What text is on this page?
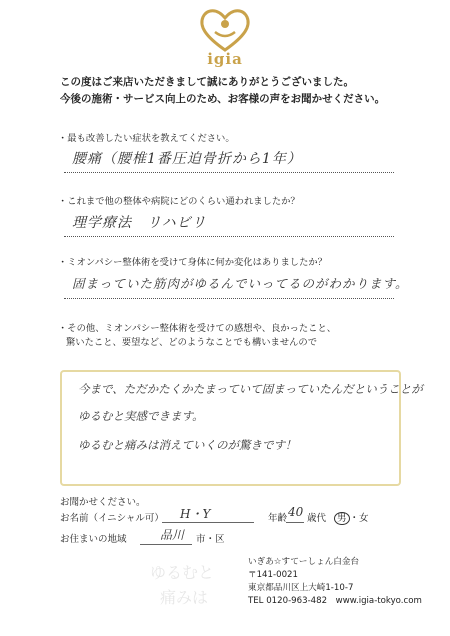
igia
この度はご来店いただきまして誠にありがとうございました。
今後の施術・サービス向上のため、お客様の声をお聞かせください。
・最も改善したい症状を教えてください。
腰痛（腰椎1番圧迫骨折から1年）
・これまで他の整体や病院にどのくらい通われましたか？
理学療法　リハビリ
・ミオンパシー整体術を受けて身体に何か変化はありましたか？
固まっていた筋肉がゆるんでいってるのがわかります。
・その他、ミオンパシー整体術を受けての感想や、良かったこと、
驚いたこと、要望など、どのようなことでも構いませんので
今まで、ただかたくかたまっていて固まっていたんだということが
ゆるむと実感できます。
ゆるむと痛みは消えていくのが驚きです！
お聞かせください。
お名前（イニシャル可） H・Y	年齢 40 歳代	男 ・女
お住まいの地域	品川 市・区
ゆるむと
痛みは
いぎあ☆すてーしょん白金台
〒141-0021
東京都品川区上大崎1-10-7
TEL 0120-963-482　www.igia-tokyo.com
